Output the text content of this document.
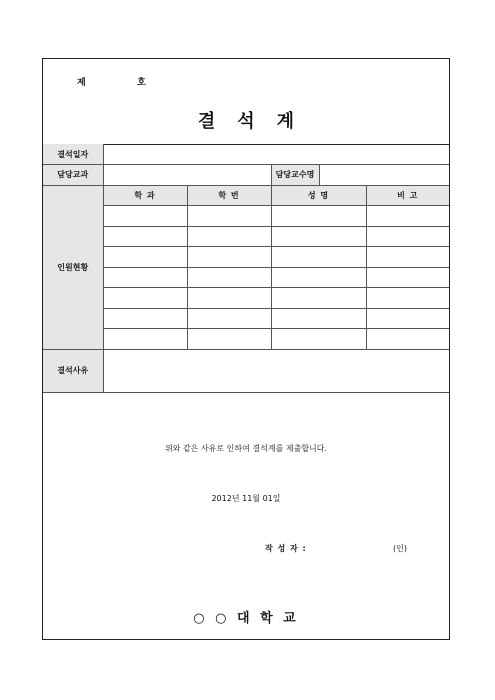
제	호
결석계
결석일자					
담당교과			담당교수명		
인원현황	학 과	학 번	성 명		비 고

결석사유					

위와 같은 사유로 인하여 결석계를 제출합니다.
2012년 11월 01일
작 성 자 :	(인)
○ ○ 대 학 교
